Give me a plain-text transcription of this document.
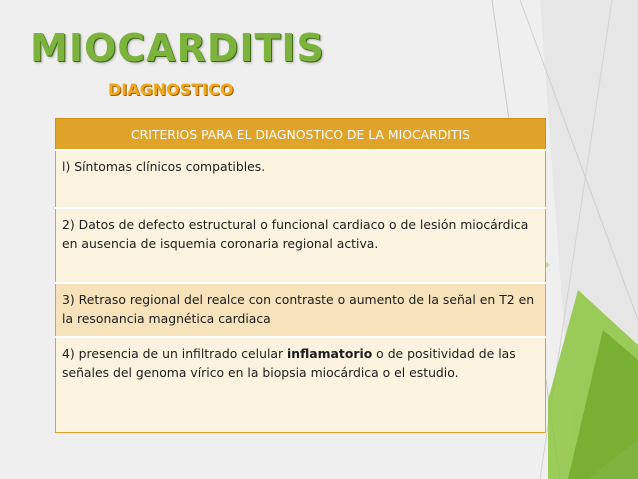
MIOCARDITIS
DIAGNOSTICO
CRITERIOS PARA EL DIAGNOSTICO DE LA MIOCARDITIS
l) Síntomas clínicos compatibles.
2) Datos de defecto estructural o funcional cardiaco o de lesión miocárdica en ausencia de isquemia coronaria regional activa.
3) Retraso regional del realce con contraste o aumento de la señal en T2 en la resonancia magnética cardiaca
4) presencia de un infiltrado celular inflamatorio o de positividad de las señales del genoma vírico en la biopsia miocárdica o el estudio.
